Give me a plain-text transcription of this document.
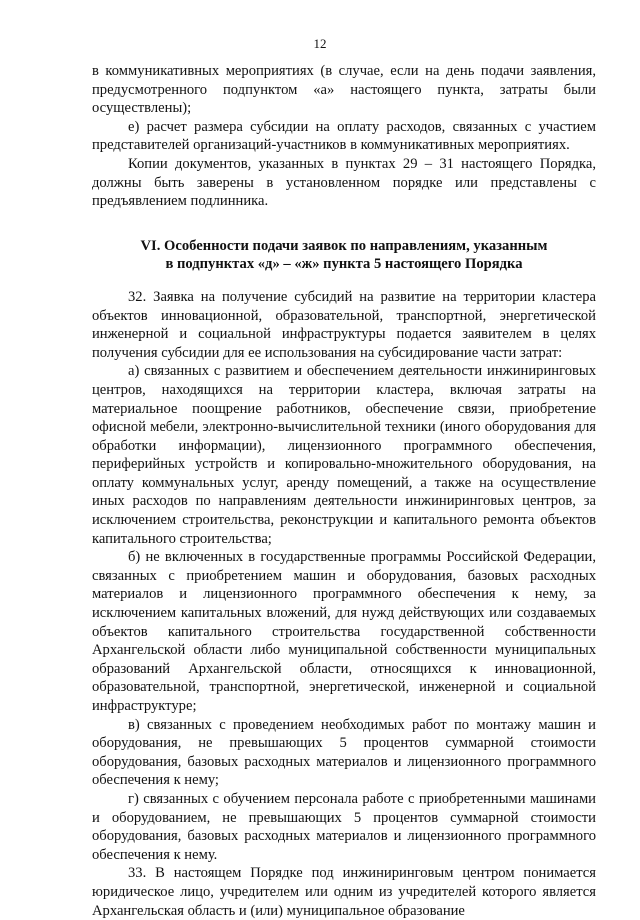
12

в коммуникативных мероприятиях (в случае, если на день подачи заявления, предусмотренного подпунктом «а» настоящего пункта, затраты были осуществлены);

е) расчет размера субсидии на оплату расходов, связанных с участием представителей организаций-участников в коммуникативных мероприятиях.

Копии документов, указанных в пунктах 29 – 31 настоящего Порядка, должны быть заверены в установленном порядке или представлены с предъявлением подлинника.

VI. Особенности подачи заявок по направлениям, указанным
в подпунктах «д» – «ж» пункта 5 настоящего Порядка

32. Заявка на получение субсидий на развитие на территории кластера объектов инновационной, образовательной, транспортной, энергетической инженерной и социальной инфраструктуры подается заявителем в целях получения субсидии для ее использования на субсидирование части затрат:

а) связанных с развитием и обеспечением деятельности инжиниринговых центров, находящихся на территории кластера, включая затраты на материальное поощрение работников, обеспечение связи, приобретение офисной мебели, электронно-вычислительной техники (иного оборудования для обработки информации), лицензионного программного обеспечения, периферийных устройств и копировально-множительного оборудования, на оплату коммунальных услуг, аренду помещений, а также на осуществление иных расходов по направлениям деятельности инжиниринговых центров, за исключением строительства, реконструкции и капитального ремонта объектов капитального строительства;

б) не включенных в государственные программы Российской Федерации, связанных с приобретением машин и оборудования, базовых расходных материалов и лицензионного программного обеспечения к нему, за исключением капитальных вложений, для нужд действующих или создаваемых объектов капитального строительства государственной собственности Архангельской области либо муниципальной собственности муниципальных образований Архангельской области, относящихся к инновационной, образовательной, транспортной, энергетической, инженерной и социальной инфраструктуре;

в) связанных с проведением необходимых работ по монтажу машин и оборудования, не превышающих 5 процентов суммарной стоимости оборудования, базовых расходных материалов и лицензионного программного обеспечения к нему;

г) связанных с обучением персонала работе с приобретенными машинами и оборудованием, не превышающих 5 процентов суммарной стоимости оборудования, базовых расходных материалов и лицензионного программного обеспечения к нему.

33. В настоящем Порядке под инжиниринговым центром понимается юридическое лицо, учредителем или одним из учредителей которого является Архангельская область и (или) муниципальное образование
